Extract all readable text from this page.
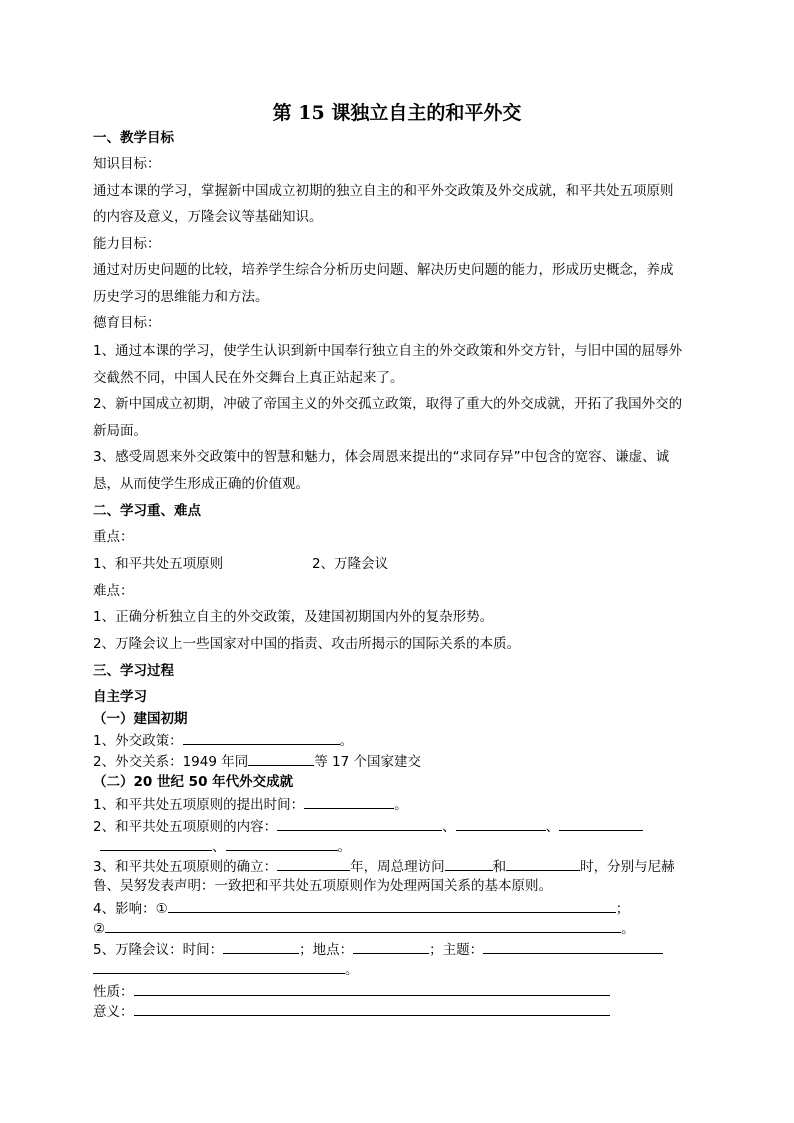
第 15 课独立自主的和平外交
一、教学目标
知识目标：
通过本课的学习，掌握新中国成立初期的独立自主的和平外交政策及外交成就，和平共处五项原则
的内容及意义，万隆会议等基础知识。
能力目标：
通过对历史问题的比较，培养学生综合分析历史问题、解决历史问题的能力，形成历史概念，养成
历史学习的思维能力和方法。
德育目标：
1、通过本课的学习，使学生认识到新中国奉行独立自主的外交政策和外交方针，与旧中国的屈辱外
交截然不同，中国人民在外交舞台上真正站起来了。
2、新中国成立初期，冲破了帝国主义的外交孤立政策，取得了重大的外交成就，开拓了我国外交的
新局面。
3、感受周恩来外交政策中的智慧和魅力，体会周恩来提出的“求同存异”中包含的宽容、谦虚、诚
恳，从而使学生形成正确的价值观。
二、学习重、难点
重点：
1、和平共处五项原则	2、万隆会议
难点：
1、正确分析独立自主的外交政策，及建国初期国内外的复杂形势。
2、万隆会议上一些国家对中国的指责、攻击所揭示的国际关系的本质。
三、学习过程
自主学习
（一）建国初期
1、外交政策：	。
2、外交关系：1949 年同	等 17 个国家建交
（二）20 世纪 50 年代外交成就
1、和平共处五项原则的提出时间：	。
2、和平共处五项原则的内容：	、	、
、	。
3、和平共处五项原则的确立：	年，周总理访问	和	时，分别与尼赫
鲁、吴努发表声明：一致把和平共处五项原则作为处理两国关系的基本原则。
4、影响：①	；
②	。
5、万隆会议：时间：	；地点：	；主题：
。
性质：
意义：
